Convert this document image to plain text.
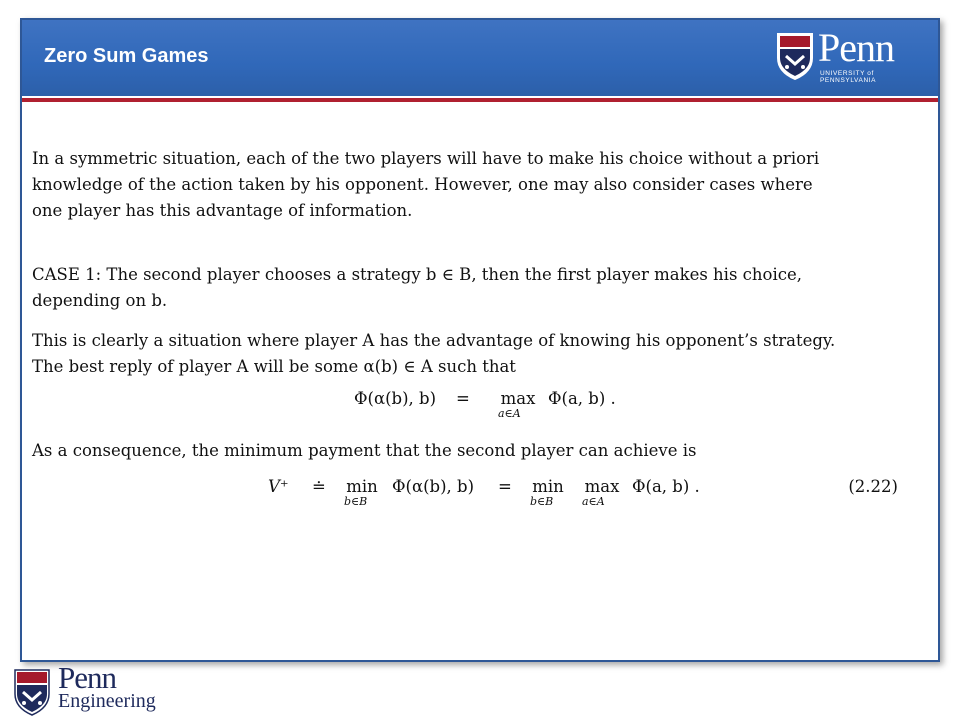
Zero Sum Games	Penn
UNIVERSITY of PENNSYLVANIA

In a symmetric situation, each of the two players will have to make his choice without a priori
knowledge of the action taken by his opponent. However, one may also consider cases where
one player has this advantage of information.

CASE 1: The second player chooses a strategy b ∈ B, then the first player makes his choice,
depending on b.

This is clearly a situation where player A has the advantage of knowing his opponent’s strategy.
The best reply of player A will be some α(b) ∈ A such that

Φ(α(b), b) = max
a∈A
Φ(a, b) .

As a consequence, the minimum payment that the second player can achieve is

V⁺ ≐ min
b∈B
Φ(α(b), b) = min
b∈B
max
a∈A
Φ(a, b) .	(2.22)
Penn
Engineering
